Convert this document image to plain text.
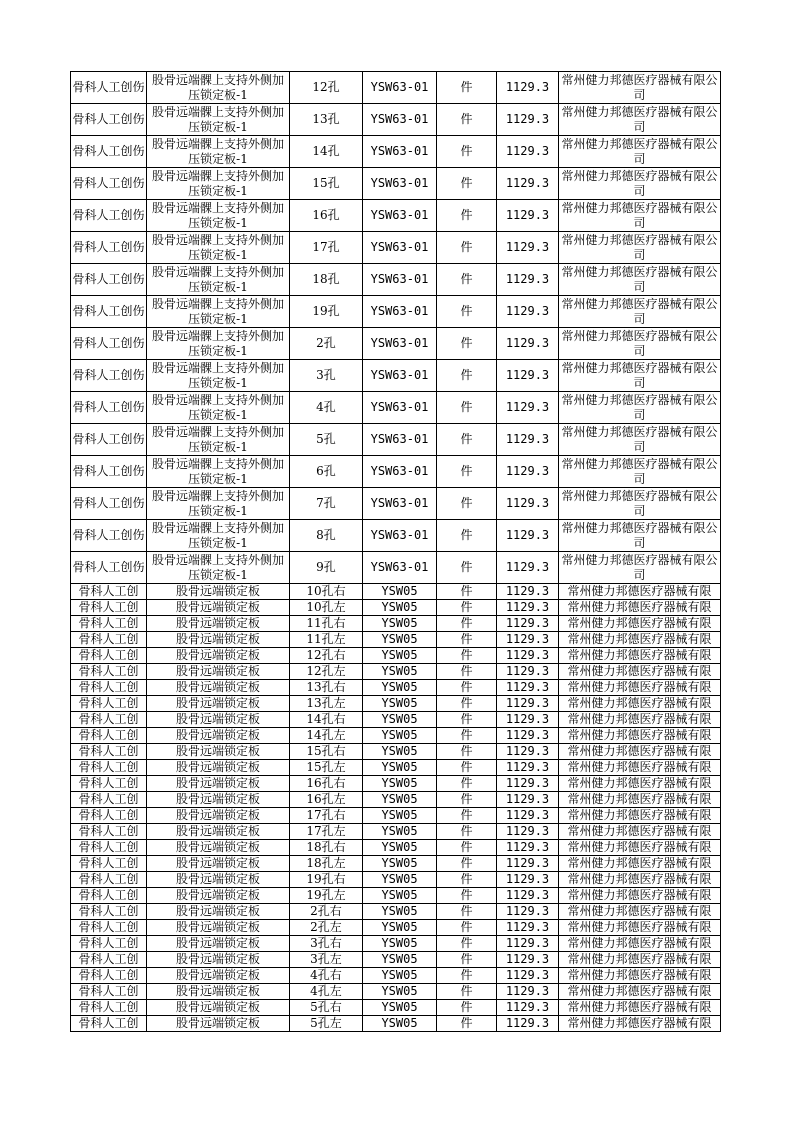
骨科人工创伤	股骨远端髁上支持外侧加压锁定板-1	12孔	YSW63-01	件	1129.3	常州健力邦德医疗器械有限公司
骨科人工创伤	股骨远端髁上支持外侧加压锁定板-1	13孔	YSW63-01	件	1129.3	常州健力邦德医疗器械有限公司
骨科人工创伤	股骨远端髁上支持外侧加压锁定板-1	14孔	YSW63-01	件	1129.3	常州健力邦德医疗器械有限公司
骨科人工创伤	股骨远端髁上支持外侧加压锁定板-1	15孔	YSW63-01	件	1129.3	常州健力邦德医疗器械有限公司
骨科人工创伤	股骨远端髁上支持外侧加压锁定板-1	16孔	YSW63-01	件	1129.3	常州健力邦德医疗器械有限公司
骨科人工创伤	股骨远端髁上支持外侧加压锁定板-1	17孔	YSW63-01	件	1129.3	常州健力邦德医疗器械有限公司
骨科人工创伤	股骨远端髁上支持外侧加压锁定板-1	18孔	YSW63-01	件	1129.3	常州健力邦德医疗器械有限公司
骨科人工创伤	股骨远端髁上支持外侧加压锁定板-1	19孔	YSW63-01	件	1129.3	常州健力邦德医疗器械有限公司
骨科人工创伤	股骨远端髁上支持外侧加压锁定板-1	2孔	YSW63-01	件	1129.3	常州健力邦德医疗器械有限公司
骨科人工创伤	股骨远端髁上支持外侧加压锁定板-1	3孔	YSW63-01	件	1129.3	常州健力邦德医疗器械有限公司
骨科人工创伤	股骨远端髁上支持外侧加压锁定板-1	4孔	YSW63-01	件	1129.3	常州健力邦德医疗器械有限公司
骨科人工创伤	股骨远端髁上支持外侧加压锁定板-1	5孔	YSW63-01	件	1129.3	常州健力邦德医疗器械有限公司
骨科人工创伤	股骨远端髁上支持外侧加压锁定板-1	6孔	YSW63-01	件	1129.3	常州健力邦德医疗器械有限公司
骨科人工创伤	股骨远端髁上支持外侧加压锁定板-1	7孔	YSW63-01	件	1129.3	常州健力邦德医疗器械有限公司
骨科人工创伤	股骨远端髁上支持外侧加压锁定板-1	8孔	YSW63-01	件	1129.3	常州健力邦德医疗器械有限公司
骨科人工创伤	股骨远端髁上支持外侧加压锁定板-1	9孔	YSW63-01	件	1129.3	常州健力邦德医疗器械有限公司
骨科人工创	股骨远端锁定板	10孔右	YSW05	件	1129.3	常州健力邦德医疗器械有限
骨科人工创	股骨远端锁定板	10孔左	YSW05	件	1129.3	常州健力邦德医疗器械有限
骨科人工创	股骨远端锁定板	11孔右	YSW05	件	1129.3	常州健力邦德医疗器械有限
骨科人工创	股骨远端锁定板	11孔左	YSW05	件	1129.3	常州健力邦德医疗器械有限
骨科人工创	股骨远端锁定板	12孔右	YSW05	件	1129.3	常州健力邦德医疗器械有限
骨科人工创	股骨远端锁定板	12孔左	YSW05	件	1129.3	常州健力邦德医疗器械有限
骨科人工创	股骨远端锁定板	13孔右	YSW05	件	1129.3	常州健力邦德医疗器械有限
骨科人工创	股骨远端锁定板	13孔左	YSW05	件	1129.3	常州健力邦德医疗器械有限
骨科人工创	股骨远端锁定板	14孔右	YSW05	件	1129.3	常州健力邦德医疗器械有限
骨科人工创	股骨远端锁定板	14孔左	YSW05	件	1129.3	常州健力邦德医疗器械有限
骨科人工创	股骨远端锁定板	15孔右	YSW05	件	1129.3	常州健力邦德医疗器械有限
骨科人工创	股骨远端锁定板	15孔左	YSW05	件	1129.3	常州健力邦德医疗器械有限
骨科人工创	股骨远端锁定板	16孔右	YSW05	件	1129.3	常州健力邦德医疗器械有限
骨科人工创	股骨远端锁定板	16孔左	YSW05	件	1129.3	常州健力邦德医疗器械有限
骨科人工创	股骨远端锁定板	17孔右	YSW05	件	1129.3	常州健力邦德医疗器械有限
骨科人工创	股骨远端锁定板	17孔左	YSW05	件	1129.3	常州健力邦德医疗器械有限
骨科人工创	股骨远端锁定板	18孔右	YSW05	件	1129.3	常州健力邦德医疗器械有限
骨科人工创	股骨远端锁定板	18孔左	YSW05	件	1129.3	常州健力邦德医疗器械有限
骨科人工创	股骨远端锁定板	19孔右	YSW05	件	1129.3	常州健力邦德医疗器械有限
骨科人工创	股骨远端锁定板	19孔左	YSW05	件	1129.3	常州健力邦德医疗器械有限
骨科人工创	股骨远端锁定板	2孔右	YSW05	件	1129.3	常州健力邦德医疗器械有限
骨科人工创	股骨远端锁定板	2孔左	YSW05	件	1129.3	常州健力邦德医疗器械有限
骨科人工创	股骨远端锁定板	3孔右	YSW05	件	1129.3	常州健力邦德医疗器械有限
骨科人工创	股骨远端锁定板	3孔左	YSW05	件	1129.3	常州健力邦德医疗器械有限
骨科人工创	股骨远端锁定板	4孔右	YSW05	件	1129.3	常州健力邦德医疗器械有限
骨科人工创	股骨远端锁定板	4孔左	YSW05	件	1129.3	常州健力邦德医疗器械有限
骨科人工创	股骨远端锁定板	5孔右	YSW05	件	1129.3	常州健力邦德医疗器械有限
骨科人工创	股骨远端锁定板	5孔左	YSW05	件	1129.3	常州健力邦德医疗器械有限
